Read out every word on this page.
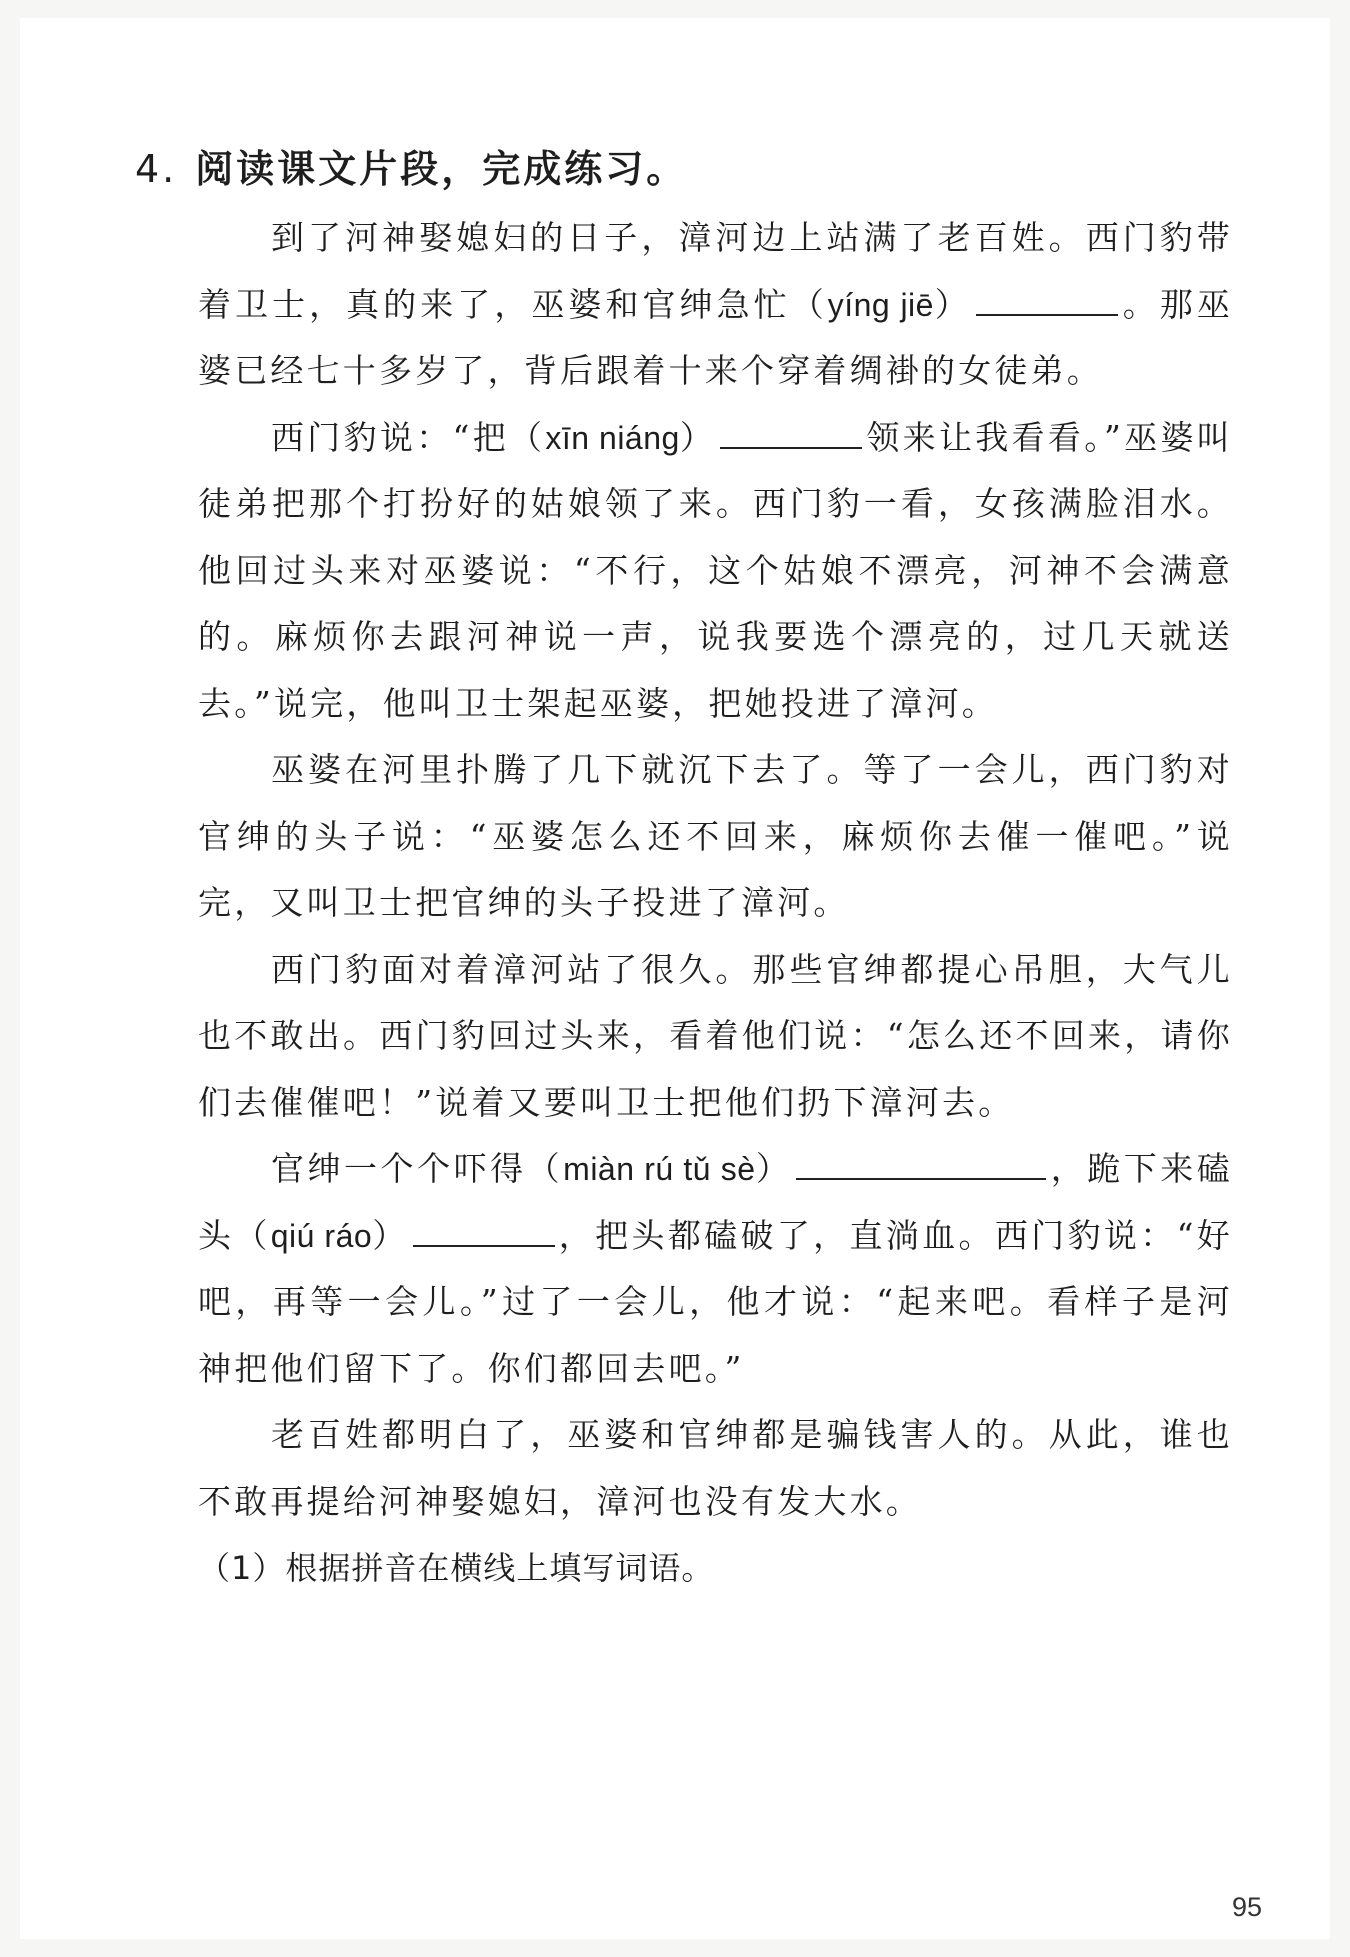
4. 阅读课文片段，完成练习。

到了河神娶媳妇的日子，漳河边上站满了老百姓。西门豹带着卫士，真的来了，巫婆和官绅急忙（yíng jiē）	。那巫婆已经七十多岁了，背后跟着十来个穿着绸褂的女徒弟。

西门豹说：“把（xīn niáng）	领来让我看看。”巫婆叫徒弟把那个打扮好的姑娘领了来。西门豹一看，女孩满脸泪水。他回过头来对巫婆说：“不行，这个姑娘不漂亮，河神不会满意的。麻烦你去跟河神说一声，说我要选个漂亮的，过几天就送去。”说完，他叫卫士架起巫婆，把她投进了漳河。

巫婆在河里扑腾了几下就沉下去了。等了一会儿，西门豹对官绅的头子说：“巫婆怎么还不回来，麻烦你去催一催吧。”说完，又叫卫士把官绅的头子投进了漳河。

西门豹面对着漳河站了很久。那些官绅都提心吊胆，大气儿也不敢出。西门豹回过头来，看着他们说：“怎么还不回来，请你们去催催吧！”说着又要叫卫士把他们扔下漳河去。

官绅一个个吓得（miàn rú tǔ sè）	，跪下来磕头（qiú ráo）	，把头都磕破了，直淌血。西门豹说：“好吧，再等一会儿。”过了一会儿，他才说：“起来吧。看样子是河神把他们留下了。你们都回去吧。”

老百姓都明白了，巫婆和官绅都是骗钱害人的。从此，谁也不敢再提给河神娶媳妇，漳河也没有发大水。

（1）根据拼音在横线上填写词语。

95
